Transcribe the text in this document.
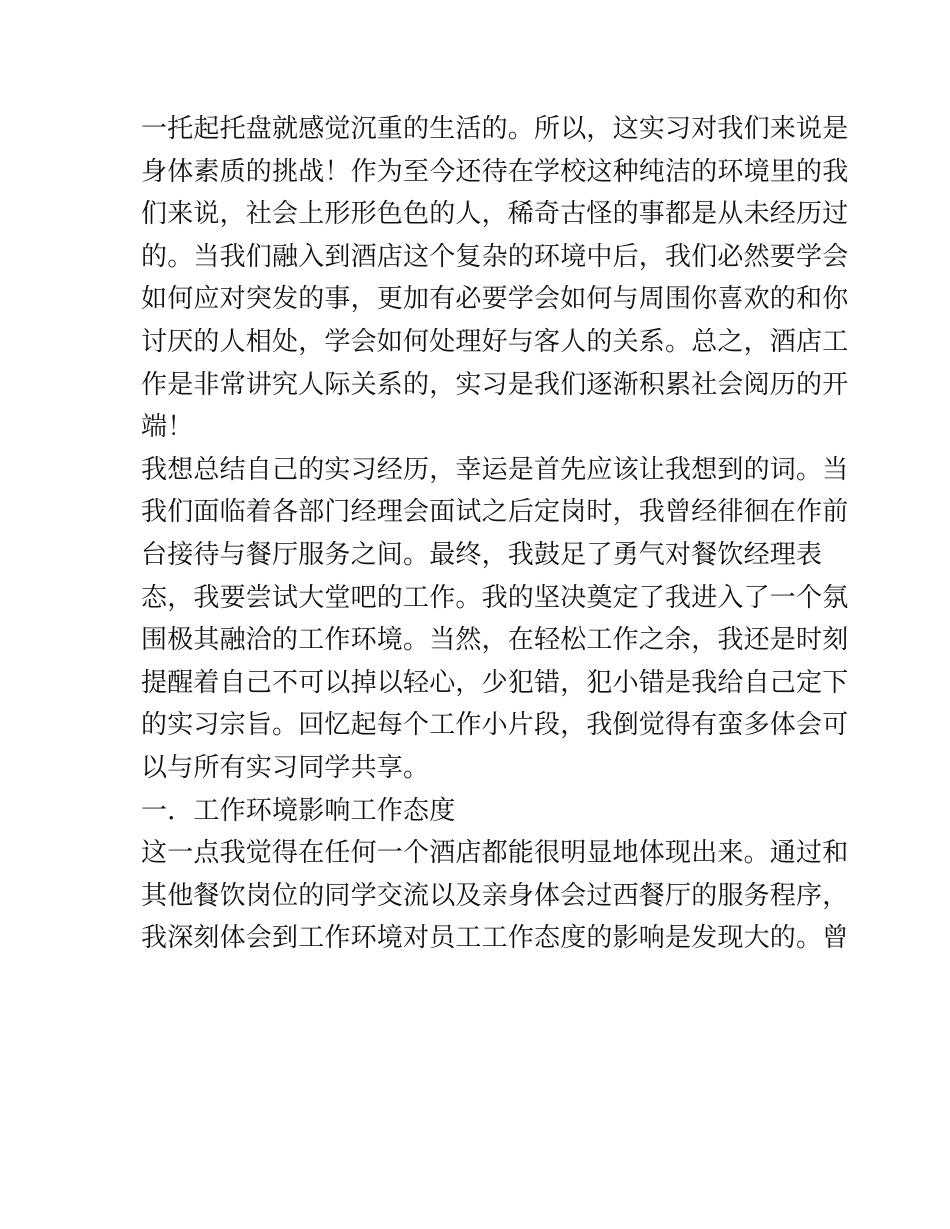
一托起托盘就感觉沉重的生活的。所以，这实习对我们来说是
身体素质的挑战！作为至今还待在学校这种纯洁的环境里的我
们来说，社会上形形色色的人，稀奇古怪的事都是从未经历过
的。当我们融入到酒店这个复杂的环境中后，我们必然要学会
如何应对突发的事，更加有必要学会如何与周围你喜欢的和你
讨厌的人相处，学会如何处理好与客人的关系。总之，酒店工
作是非常讲究人际关系的，实习是我们逐渐积累社会阅历的开
端！
我想总结自己的实习经历，幸运是首先应该让我想到的词。当
我们面临着各部门经理会面试之后定岗时，我曾经徘徊在作前
台接待与餐厅服务之间。最终，我鼓足了勇气对餐饮经理表
态，我要尝试大堂吧的工作。我的坚决奠定了我进入了一个氛
围极其融洽的工作环境。当然，在轻松工作之余，我还是时刻
提醒着自己不可以掉以轻心，少犯错，犯小错是我给自己定下
的实习宗旨。回忆起每个工作小片段，我倒觉得有蛮多体会可
以与所有实习同学共享。
一．工作环境影响工作态度
这一点我觉得在任何一个酒店都能很明显地体现出来。通过和
其他餐饮岗位的同学交流以及亲身体会过西餐厅的服务程序，
我深刻体会到工作环境对员工工作态度的影响是发现大的。曾
